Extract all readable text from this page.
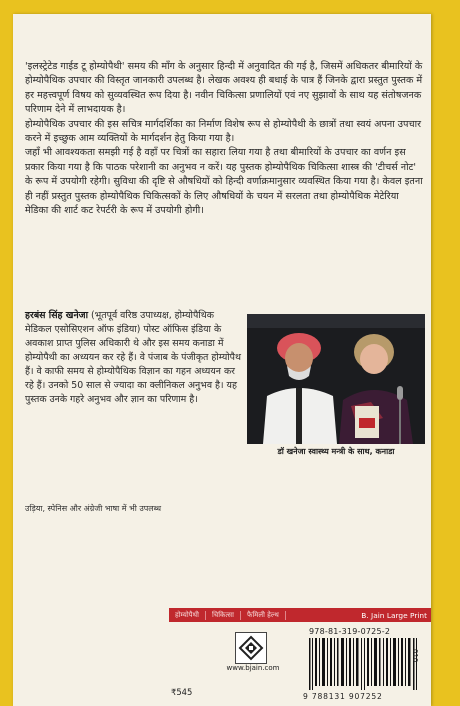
'इलस्ट्रेटेड गाईड टू होम्योपैथी' समय की माँग के अनुसार हिन्दी में अनुवादित की गई है, जिसमें अधिकतर बीमारियों के होम्योपैथिक उपचार की विस्तृत जानकारी उपलब्ध है। लेखक अवश्य ही बधाई के पात्र हैं जिनके द्वारा प्रस्तुत पुस्तक में हर महत्त्वपूर्ण विषय को सुव्यवस्थित रूप दिया है। नवीन चिकित्सा प्रणालियों एवं नए सुझावों के साथ यह संतोषजनक परिणाम देने में लाभदायक है।

होम्योपैथिक उपचार की इस सचित्र मार्गदर्शिका का निर्माण विशेष रूप से होम्योपैथी के छात्रों तथा स्वयं अपना उपचार करने में इच्छुक आम व्यक्तियों के मार्गदर्शन हेतु किया गया है।

जहाँ भी आवश्यकता समझी गई है वहाँ पर चित्रों का सहारा लिया गया है तथा बीमारियों के उपचार का वर्णन इस प्रकार किया गया है कि पाठक परेशानी का अनुभव न करें। यह पुस्तक होम्योपैथिक चिकित्सा शास्त्र की 'टीचर्स नोट' के रूप में उपयोगी रहेगी। सुविधा की दृष्टि से औषधियों को हिन्दी वर्णाक्रमानुसार व्यवस्थित किया गया है। केवल इतना ही नहीं प्रस्तुत पुस्तक होम्योपैथिक चिकित्सकों के लिए औषधियों के चयन में सरलता तथा होम्योपैथिक मेटेरिया मेडिका की शार्ट कट रेपर्टरी के रूप में उपयोगी होगी।

हरबंस सिंह खनेजा (भूतपूर्व वरिष्ठ उपाध्यक्ष, होम्योपैथिक मेडिकल एसोसिएशन ऑफ इंडिया) पोस्ट ऑफिस इंडिया के अवकाश प्राप्त पुलिस अधिकारी थे और इस समय कनाडा में होम्योपैथी का अध्ययन कर रहे हैं। वे पंजाब के पंजीकृत होम्योपैथ हैं। वे काफी समय से होम्योपैथिक विज्ञान का गहन अध्ययन कर रहे हैं। उनको 50 साल से ज्यादा का क्लीनिकल अनुभव है। यह पुस्तक उनके गहरे अनुभव और ज्ञान का परिणाम है।

डॉ खनेजा स्वास्थ्य मन्त्री के साथ, कनाडा
उड़िया, स्पेनिस और अंग्रेजी भाषा में भी उपलब्ध
होम्योपैथी	चिकित्सा	फैमिली हेल्थ	B. Jain Large Print
www.bjain.com
₹545
978-81-319-0725-2
9 788131 907252
010
